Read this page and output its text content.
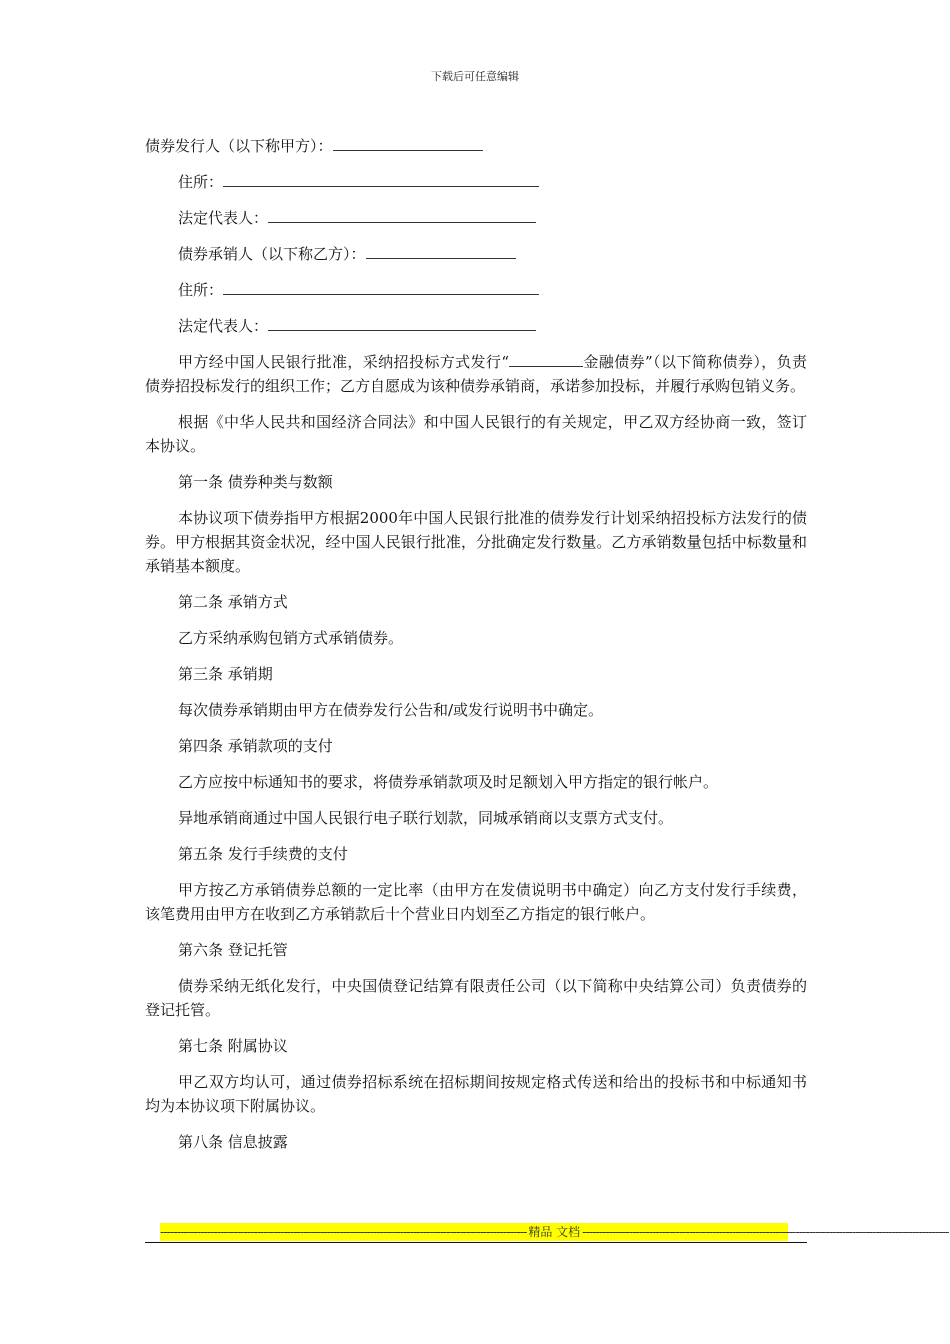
下载后可任意编辑
债券发行人（以下称甲方）：
住所：
法定代表人：
债券承销人（以下称乙方）：
住所：
法定代表人：

甲方经中国人民银行批准，采纳招投标方式发行“	金融债券”（以下简称债券），负责债券招投标发行的组织工作；乙方自愿成为该种债券承销商，承诺参加投标，并履行承购包销义务。

根据《中华人民共和国经济合同法》和中国人民银行的有关规定，甲乙双方经协商一致，签订本协议。

第一条 债券种类与数额

本协议项下债券指甲方根据2000年中国人民银行批准的债券发行计划采纳招投标方法发行的债券。甲方根据其资金状况，经中国人民银行批准，分批确定发行数量。乙方承销数量包括中标数量和承销基本额度。

第二条 承销方式

乙方采纳承购包销方式承销债券。

第三条 承销期

每次债券承销期由甲方在债券发行公告和/或发行说明书中确定。

第四条 承销款项的支付

乙方应按中标通知书的要求，将债券承销款项及时足额划入甲方指定的银行帐户。

异地承销商通过中国人民银行电子联行划款，同城承销商以支票方式支付。

第五条 发行手续费的支付

甲方按乙方承销债券总额的一定比率（由甲方在发债说明书中确定）向乙方支付发行手续费，该笔费用由甲方在收到乙方承销款后十个营业日内划至乙方指定的银行帐户。

第六条 登记托管

债券采纳无纸化发行，中央国债登记结算有限责任公司（以下简称中央结算公司）负责债券的登记托管。

第七条 附属协议

甲乙双方均认可，通过债券招标系统在招标期间按规定格式传送和给出的投标书和中标通知书均为本协议项下附属协议。

第八条 信息披露
-------------------------------------------------------------------------------------------------------------- 精品 文档 --------------------------------------------------------------------------------------------------------------
